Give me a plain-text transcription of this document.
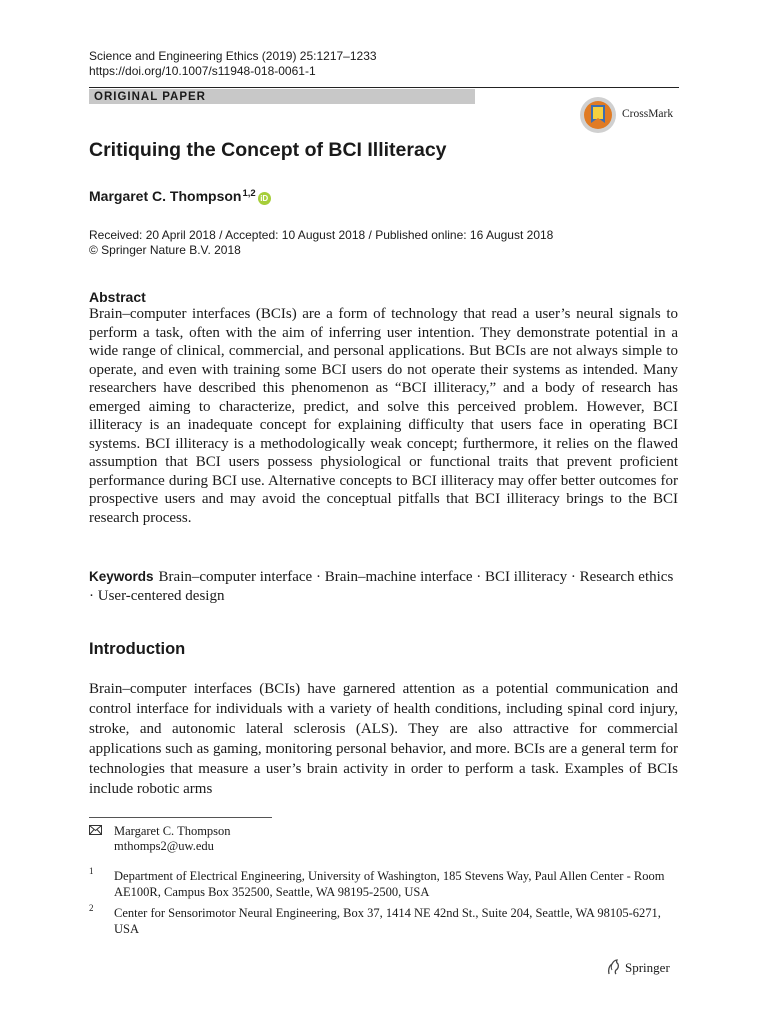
Science and Engineering Ethics (2019) 25:1217–1233
https://doi.org/10.1007/s11948-018-0061-1
ORIGINAL PAPER
CrossMark
Critiquing the Concept of BCI Illiteracy
Margaret C. Thompson$^{1,2}$ iD
Received: 20 April 2018 / Accepted: 10 August 2018 / Published online: 16 August 2018
© Springer Nature B.V. 2018
Abstract

Brain–computer interfaces (BCIs) are a form of technology that read a user’s neural signals to perform a task, often with the aim of inferring user intention. They demonstrate potential in a wide range of clinical, commercial, and personal applications. But BCIs are not always simple to operate, and even with training some BCI users do not operate their systems as intended. Many researchers have described this phenomenon as “BCI illiteracy,” and a body of research has emerged aiming to characterize, predict, and solve this perceived problem. However, BCI illiteracy is an inadequate concept for explaining difficulty that users face in operating BCI systems. BCI illiteracy is a methodologically weak concept; furthermore, it relies on the flawed assumption that BCI users possess physiological or functional traits that prevent proficient performance during BCI use. Alternative concepts to BCI illiteracy may offer better outcomes for prospective users and may avoid the conceptual pitfalls that BCI illiteracy brings to the BCI research process.

Keywords Brain–computer interface · Brain–machine interface · BCI illiteracy · Research ethics · User-centered design

Introduction

Brain–computer interfaces (BCIs) have garnered attention as a potential communication and control interface for individuals with a variety of health conditions, including spinal cord injury, stroke, and autonomic lateral sclerosis (ALS). They are also attractive for commercial applications such as gaming, monitoring personal behavior, and more. BCIs are a general term for technologies that measure a user’s brain activity in order to perform a task. Examples of BCIs include robotic arms

Margaret C. Thompson
mthomps2@uw.edu
1 Department of Electrical Engineering, University of Washington, 185 Stevens Way, Paul Allen Center - Room AE100R, Campus Box 352500, Seattle, WA 98195-2500, USA
2 Center for Sensorimotor Neural Engineering, Box 37, 1414 NE 42nd St., Suite 204, Seattle, WA 98105-6271, USA
Springer
